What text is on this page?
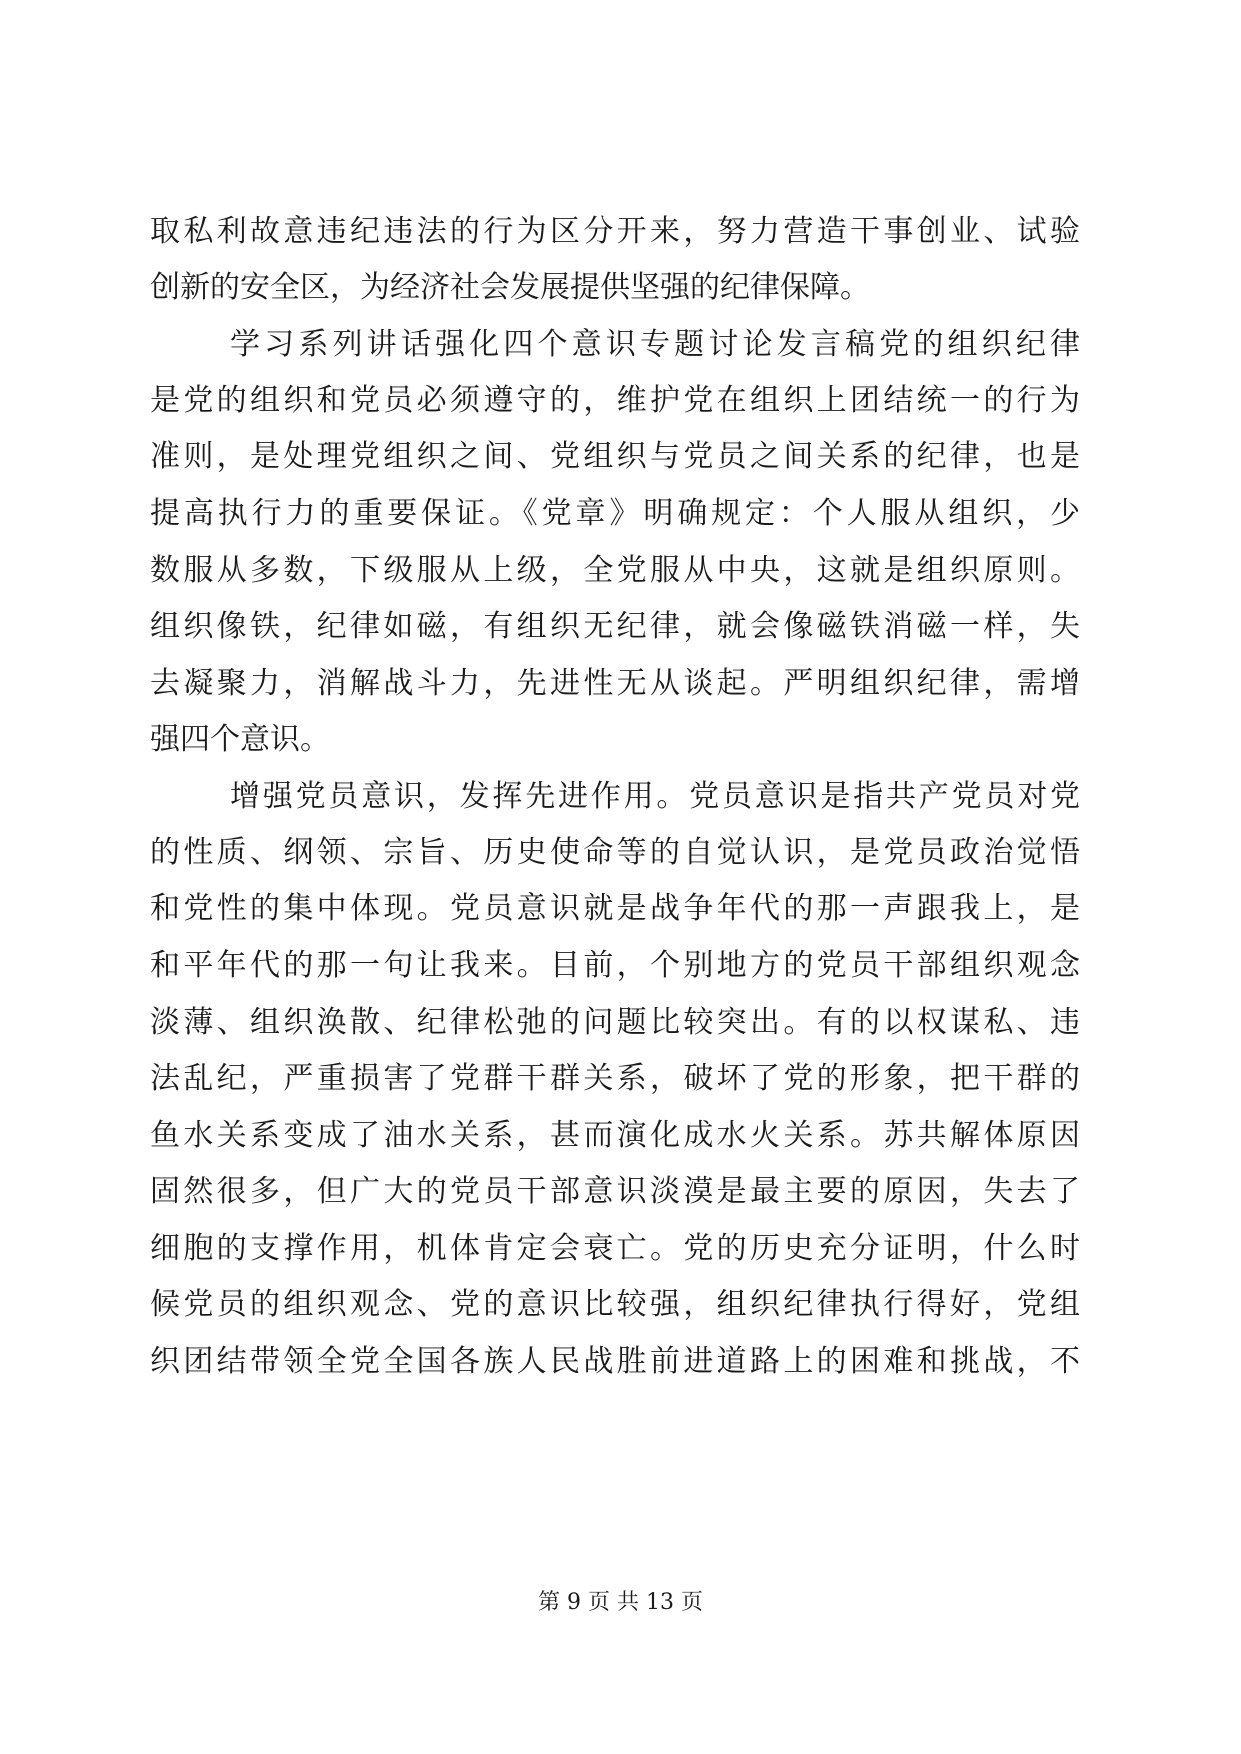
取私利故意违纪违法的行为区分开来，努力营造干事创业、试验
创新的安全区，为经济社会发展提供坚强的纪律保障。
学习系列讲话强化四个意识专题讨论发言稿党的组织纪律
是党的组织和党员必须遵守的，维护党在组织上团结统一的行为
准则，是处理党组织之间、党组织与党员之间关系的纪律，也是
提高执行力的重要保证。《党章》明确规定：个人服从组织，少
数服从多数，下级服从上级，全党服从中央，这就是组织原则。
组织像铁，纪律如磁，有组织无纪律，就会像磁铁消磁一样，失
去凝聚力，消解战斗力，先进性无从谈起。严明组织纪律，需增
强四个意识。
增强党员意识，发挥先进作用。党员意识是指共产党员对党
的性质、纲领、宗旨、历史使命等的自觉认识，是党员政治觉悟
和党性的集中体现。党员意识就是战争年代的那一声跟我上，是
和平年代的那一句让我来。目前，个别地方的党员干部组织观念
淡薄、组织涣散、纪律松弛的问题比较突出。有的以权谋私、违
法乱纪，严重损害了党群干群关系，破坏了党的形象，把干群的
鱼水关系变成了油水关系，甚而演化成水火关系。苏共解体原因
固然很多，但广大的党员干部意识淡漠是最主要的原因，失去了
细胞的支撑作用，机体肯定会衰亡。党的历史充分证明，什么时
候党员的组织观念、党的意识比较强，组织纪律执行得好，党组
织团结带领全党全国各族人民战胜前进道路上的困难和挑战，不
第 9 页 共 13 页
